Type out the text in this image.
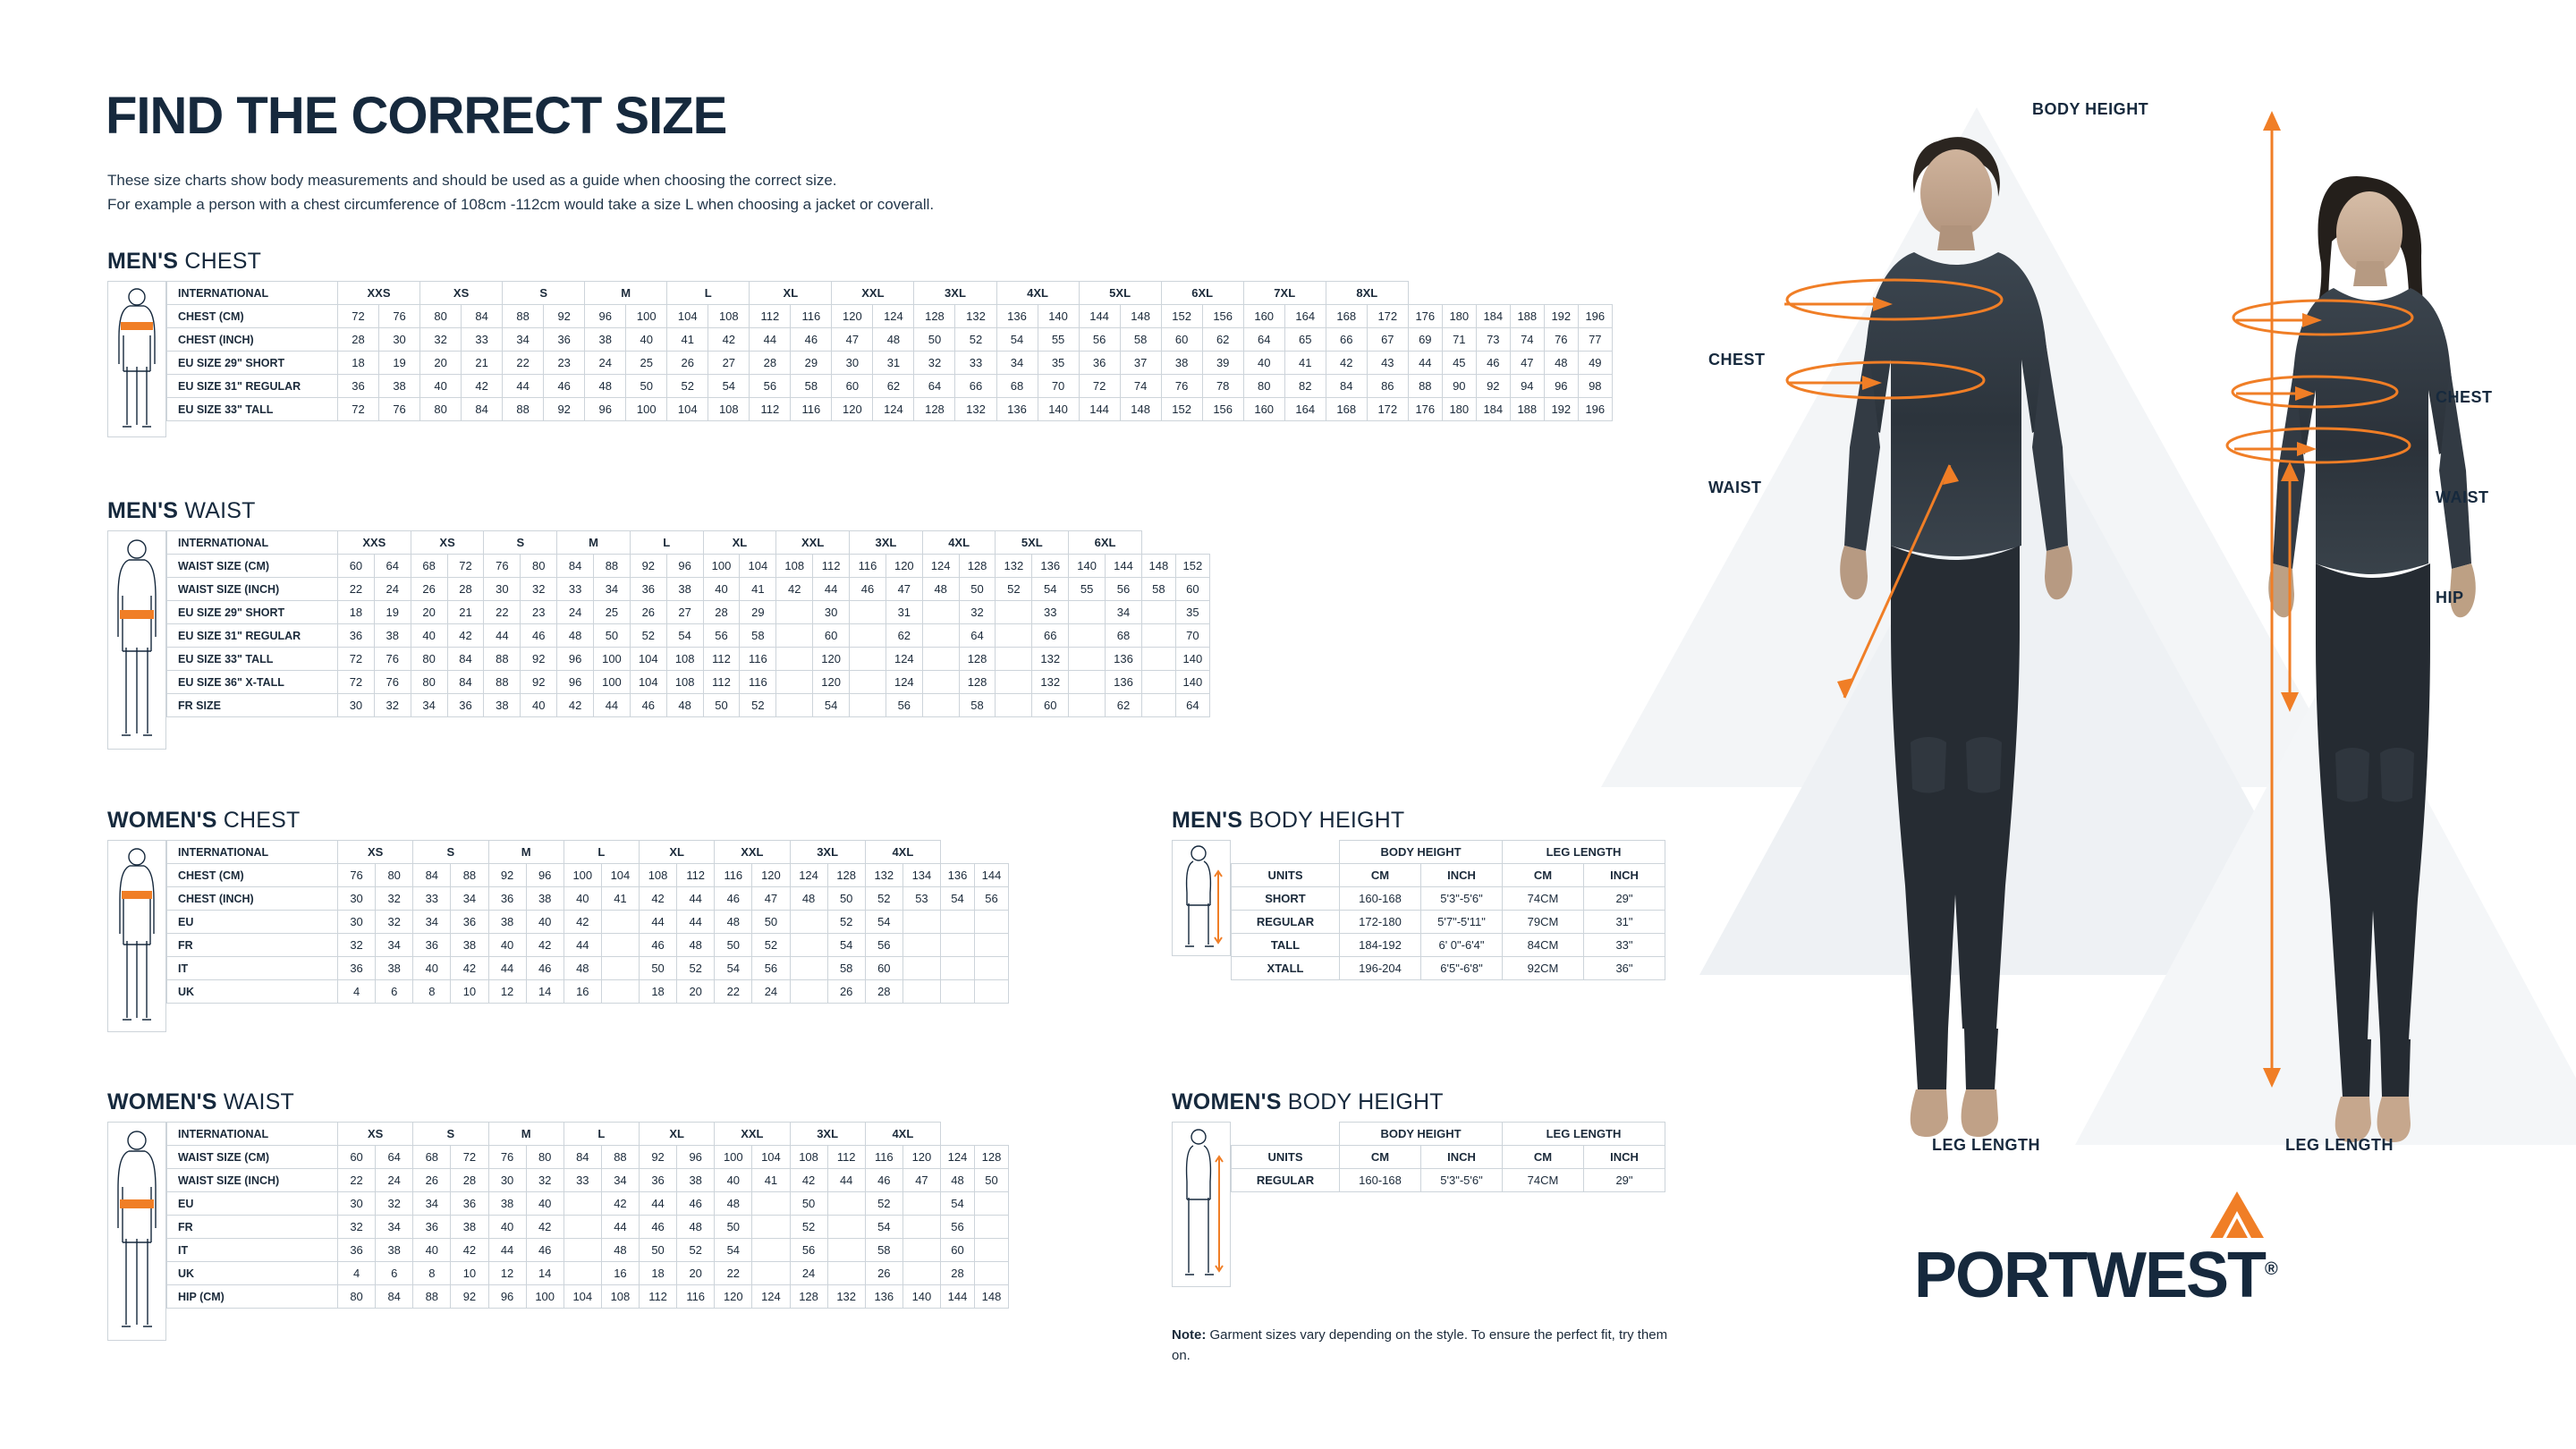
FIND THE CORRECT SIZE
These size charts show body measurements and should be used as a guide when choosing the correct size.
For example a person with a chest circumference of 108cm -112cm would take a size L when choosing a jacket or coverall.
MEN'S CHEST
MEN'S WAIST
WOMEN'S CHEST
WOMEN'S WAIST
MEN'S BODY HEIGHT
WOMEN'S BODY HEIGHT
INTERNATIONAL	XXS		XS		S		M		L		XL		XXL		3XL		4XL		5XL		6XL		7XL		8XL							
CHEST (CM)	72	76	80	84	88	92	96	100	104	108	112	116	120	124	128	132	136	140	144	148	152	156	160	164	168	172	176	180	184	188	192	196
CHEST (INCH)	28	30	32	33	34	36	38	40	41	42	44	46	47	48	50	52	54	55	56	58	60	62	64	65	66	67	69	71	73	74	76	77
EU SIZE 29" SHORT	18	19	20	21	22	23	24	25	26	27	28	29	30	31	32	33	34	35	36	37	38	39	40	41	42	43	44	45	46	47	48	49
EU SIZE 31" REGULAR	36	38	40	42	44	46	48	50	52	54	56	58	60	62	64	66	68	70	72	74	76	78	80	82	84	86	88	90	92	94	96	98
EU SIZE 33" TALL	72	76	80	84	88	92	96	100	104	108	112	116	120	124	128	132	136	140	144	148	152	156	160	164	168	172	176	180	184	188	192	196
INTERNATIONAL	XXS		XS		S		M		L		XL		XXL		3XL		4XL		5XL		6XL			
WAIST SIZE (CM)	60	64	68	72	76	80	84	88	92	96	100	104	108	112	116	120	124	128	132	136	140	144	148	152
WAIST SIZE (INCH)	22	24	26	28	30	32	33	34	36	38	40	41	42	44	46	47	48	50	52	54	55	56	58	60
EU SIZE 29" SHORT	18	19	20	21	22	23	24	25	26	27	28	29		30		31		32		33		34		35
EU SIZE 31" REGULAR	36	38	40	42	44	46	48	50	52	54	56	58		60		62		64		66		68		70
EU SIZE 33" TALL	72	76	80	84	88	92	96	100	104	108	112	116		120		124		128		132		136		140
EU SIZE 36" X-TALL	72	76	80	84	88	92	96	100	104	108	112	116		120		124		128		132		136		140
FR SIZE	30	32	34	36	38	40	42	44	46	48	50	52		54		56		58		60		62		64
INTERNATIONAL	XS		S		M		L		XL		XXL		3XL		4XL			
CHEST (CM)	76	80	84	88	92	96	100	104	108	112	116	120	124	128	132	134	136	144
CHEST (INCH)	30	32	33	34	36	38	40	41	42	44	46	47	48	50	52	53	54	56
EU	30	32	34	36	38	40	42		44	44	48	50		52	54			
FR	32	34	36	38	40	42	44		46	48	50	52		54	56			
IT	36	38	40	42	44	46	48		50	52	54	56		58	60			
UK	4	6	8	10	12	14	16		18	20	22	24		26	28			
INTERNATIONAL	XS		S		M		L		XL		XXL		3XL		4XL			
WAIST SIZE (CM)	60	64	68	72	76	80	84	88	92	96	100	104	108	112	116	120	124	128
WAIST SIZE (INCH)	22	24	26	28	30	32	33	34	36	38	40	41	42	44	46	47	48	50
EU	30	32	34	36	38	40		42	44	46	48		50		52		54	
FR	32	34	36	38	40	42		44	46	48	50		52		54		56	
IT	36	38	40	42	44	46		48	50	52	54		56		58		60	
UK	4	6	8	10	12	14		16	18	20	22		24		26		28	
HIP (CM)	80	84	88	92	96	100	104	108	112	116	120	124	128	132	136	140	144	148
	BODY HEIGHT		LEG LENGTH	
UNITS	CM	INCH	CM	INCH
SHORT	160-168	5'3"-5'6"	74CM	29"
REGULAR	172-180	5'7"-5'11"	79CM	31"
TALL	184-192	6' 0"-6'4"	84CM	33"
XTALL	196-204	6'5"-6'8"	92CM	36"
	BODY HEIGHT		LEG LENGTH	
UNITS	CM	INCH	CM	INCH
REGULAR	160-168	5'3"-5'6"	74CM	29"
Note: Garment sizes vary depending on the style. To ensure the perfect fit, try them on.
BODY HEIGHT
CHEST
WAIST
CHEST
WAIST
HIP
LEG LENGTH	LEG LENGTH
PORTWEST®
